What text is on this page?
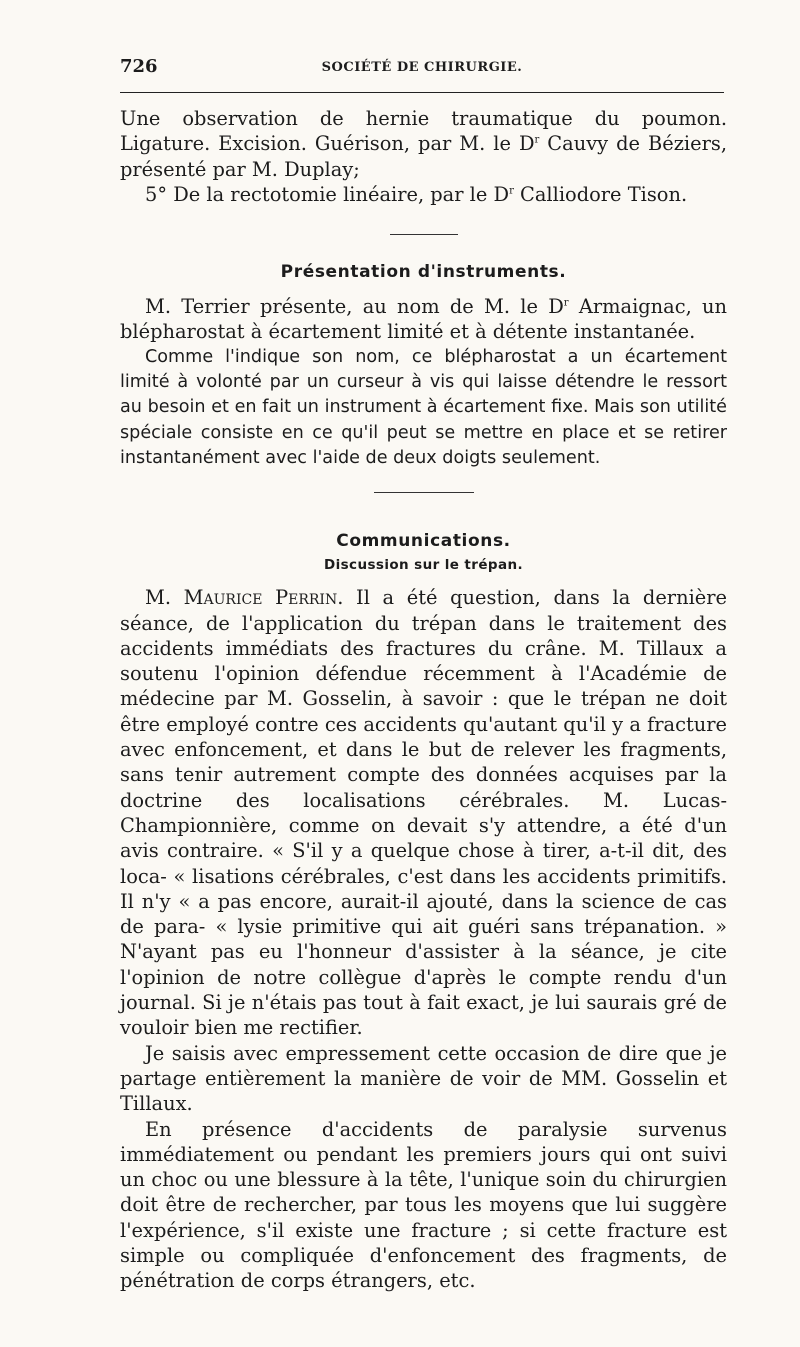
726	SOCIÉTÉ DE CHIRURGIE.

Une observation de hernie traumatique du poumon. Ligature. Excision. Guérison, par M. le $D^r$ Cauvy de Béziers, présenté par M. Duplay;

5° De la rectotomie linéaire, par le $D^r$ Calliodore Tison.

Présentation d'instruments.

M. Terrier présente, au nom de M. le $D^r$ Armaignac, un blépharostat à écartement limité et à détente instantanée.

Comme l'indique son nom, ce blépharostat a un écartement limité à volonté par un curseur à vis qui laisse détendre le ressort au besoin et en fait un instrument à écartement fixe. Mais son utilité spéciale consiste en ce qu'il peut se mettre en place et se retirer instantanément avec l'aide de deux doigts seulement.

Communications.
Discussion sur le trépan.

M. Maurice Perrin. Il a été question, dans la dernière séance, de l'application du trépan dans le traitement des accidents immédiats des fractures du crâne. M. Tillaux a soutenu l'opinion défendue récemment à l'Académie de médecine par M. Gosselin, à savoir : que le trépan ne doit être employé contre ces accidents qu'autant qu'il y a fracture avec enfoncement, et dans le but de relever les fragments, sans tenir autrement compte des données acquises par la doctrine des localisations cérébrales. M. Lucas-Championnière, comme on devait s'y attendre, a été d'un avis contraire. « S'il y a quelque chose à tirer, a-t-il dit, des loca- « lisations cérébrales, c'est dans les accidents primitifs. Il n'y « a pas encore, aurait-il ajouté, dans la science de cas de para- « lysie primitive qui ait guéri sans trépanation. » N'ayant pas eu l'honneur d'assister à la séance, je cite l'opinion de notre collègue d'après le compte rendu d'un journal. Si je n'étais pas tout à fait exact, je lui saurais gré de vouloir bien me rectifier.

Je saisis avec empressement cette occasion de dire que je partage entièrement la manière de voir de MM. Gosselin et Tillaux.

En présence d'accidents de paralysie survenus immédiatement ou pendant les premiers jours qui ont suivi un choc ou une blessure à la tête, l'unique soin du chirurgien doit être de rechercher, par tous les moyens que lui suggère l'expérience, s'il existe une fracture ; si cette fracture est simple ou compliquée d'enfoncement des fragments, de pénétration de corps étrangers, etc.
